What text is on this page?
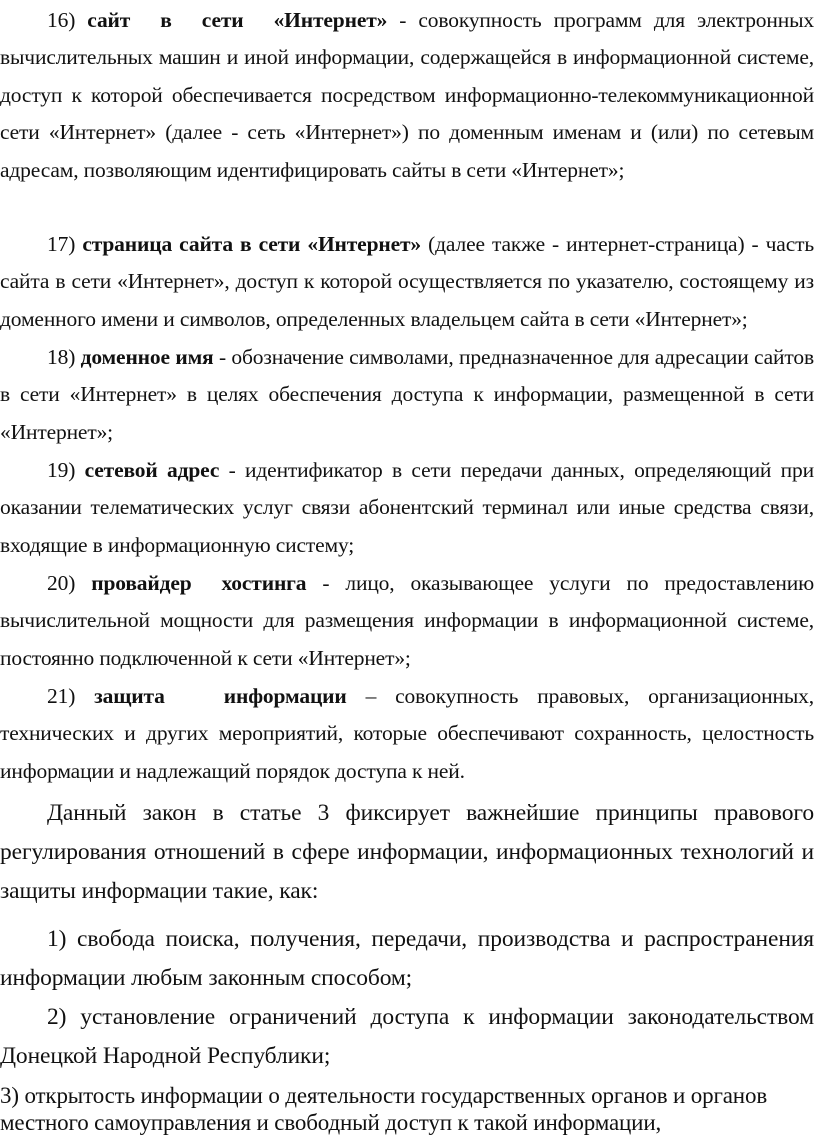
16) сайт в сети «Интернет» - совокупность программ для электронных вычислительных машин и иной информации, содержащейся в информационной системе, доступ к которой обеспечивается посредством информационно-телекоммуникационной сети «Интернет» (далее - сеть «Интернет») по доменным именам и (или) по сетевым адресам, позволяющим идентифицировать сайты в сети «Интернет»;

17) страница сайта в сети «Интернет» (далее также - интернет-страница) - часть сайта в сети «Интернет», доступ к которой осуществляется по указателю, состоящему из доменного имени и символов, определенных владельцем сайта в сети «Интернет»;

18) доменное имя - обозначение символами, предназначенное для адресации сайтов в сети «Интернет» в целях обеспечения доступа к информации, размещенной в сети «Интернет»;

19) сетевой адрес - идентификатор в сети передачи данных, определяющий при оказании телематических услуг связи абонентский терминал или иные средства связи, входящие в информационную систему;

20) провайдер хостинга - лицо, оказывающее услуги по предоставлению вычислительной мощности для размещения информации в информационной системе, постоянно подключенной к сети «Интернет»;

21) защита информации – совокупность правовых, организационных, технических и других мероприятий, которые обеспечивают сохранность, целостность информации и надлежащий порядок доступа к ней.

Данный закон в статье 3 фиксирует важнейшие принципы правового регулирования отношений в сфере информации, информационных технологий и защиты информации такие, как:

1) свобода поиска, получения, передачи, производства и распространения информации любым законным способом;

2) установление ограничений доступа к информации законодательством Донецкой Народной Республики;

3) открытость информации о деятельности государственных органов и органов местного самоуправления и свободный доступ к такой информации,
